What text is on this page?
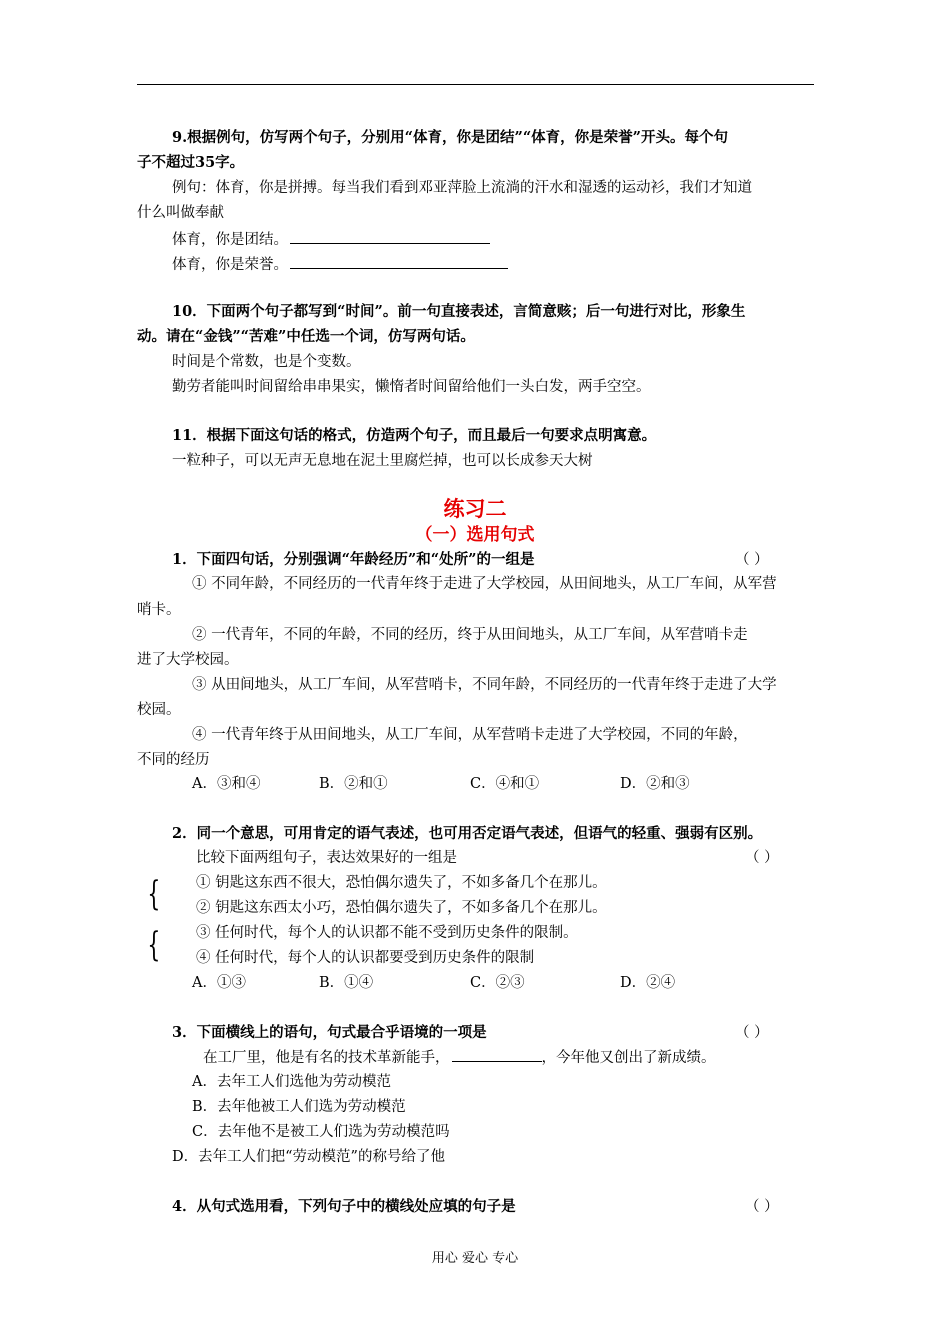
9.根据例句，仿写两个句子，分别用“体育，你是团结”“体育，你是荣誉”开头。每个句
子不超过35字。
例句：体育，你是拼搏。每当我们看到邓亚萍脸上流淌的汗水和湿透的运动衫，我们才知道
什么叫做奉献
体育，你是团结。
体育，你是荣誉。
10．下面两个句子都写到“时间”。前一句直接表述，言简意赅；后一句进行对比，形象生
动。请在“金钱”“苦难”中任选一个词，仿写两句话。
时间是个常数，也是个变数。
勤劳者能叫时间留给串串果实，懒惰者时间留给他们一头白发，两手空空。
11．根据下面这句话的格式，仿造两个句子，而且最后一句要求点明寓意。
一粒种子，可以无声无息地在泥土里腐烂掉，也可以长成参天大树
练习二
（一）选用句式
1．下面四句话，分别强调“年龄经历”和“处所”的一组是	（ ）
① 不同年龄，不同经历的一代青年终于走进了大学校园，从田间地头，从工厂车间，从军营
哨卡。
② 一代青年，不同的年龄，不同的经历，终于从田间地头，从工厂车间，从军营哨卡走
进了大学校园。
③ 从田间地头，从工厂车间，从军营哨卡，不同年龄，不同经历的一代青年终于走进了大学
校园。
④ 一代青年终于从田间地头，从工厂车间，从军营哨卡走进了大学校园，不同的年龄，
不同的经历
A．③和④	B．②和①	C．④和①	D．②和③
2．同一个意思，可用肯定的语气表述，也可用否定语气表述，但语气的轻重、强弱有区别。
比较下面两组句子，表达效果好的一组是	（ ）
{ ① 钥匙这东西不很大，恐怕偶尔遗失了，不如多备几个在那儿。
② 钥匙这东西太小巧，恐怕偶尔遗失了，不如多备几个在那儿。
{ ③ 任何时代，每个人的认识都不能不受到历史条件的限制。
④ 任何时代，每个人的认识都要受到历史条件的限制
A．①③	B．①④	C．②③	D．②④
3．下面横线上的语句，句式最合乎语境的一项是	（ ）
在工厂里，他是有名的技术革新能手，	，今年他又创出了新成绩。
A．去年工人们选他为劳动模范
B．去年他被工人们选为劳动模范
C．去年他不是被工人们选为劳动模范吗
D．去年工人们把“劳动模范”的称号给了他
4．从句式选用看，下列句子中的横线处应填的句子是	（ ）
用心 爱心 专心
